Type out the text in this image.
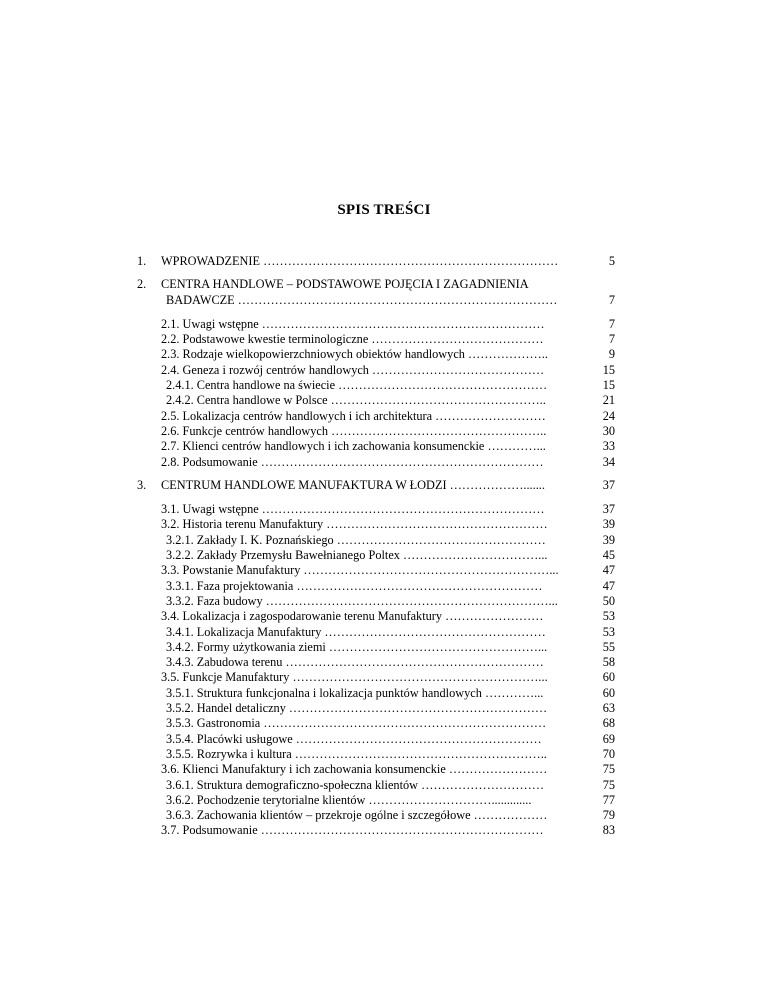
SPIS TREŚCI
1.	WPROWADZENIE ………………………………………………………………	5
2.	CENTRA HANDLOWE – PODSTAWOWE POJĘCIA I ZAGADNIENIA
BADAWCZE ……………………………………………………………………	7
2.1. Uwagi wstępne ……………………………………………………………	7
2.2. Podstawowe kwestie terminologiczne ……………………………………	7
2.3. Rodzaje wielkopowierzchniowych obiektów handlowych ………………..	9
2.4. Geneza i rozwój centrów handlowych ……………………………………	15
2.4.1. Centra handlowe na świecie ……………………………………………	15
2.4.2. Centra handlowe w Polsce ……………………………………………..	21
2.5. Lokalizacja centrów handlowych i ich architektura ………………………	24
2.6. Funkcje centrów handlowych ……………………………………………..	30
2.7. Klienci centrów handlowych i ich zachowania konsumenckie …………...	33
2.8. Podsumowanie ……………………………………………………………	34
3.	CENTRUM HANDLOWE MANUFAKTURA W ŁODZI ……………….......	37
3.1. Uwagi wstępne ……………………………………………………………	37
3.2. Historia terenu Manufaktury ………………………………………………	39
3.2.1. Zakłady I. K. Poznańskiego ……………………………………………	39
3.2.2. Zakłady Przemysłu Bawełnianego Poltex ……………………………...	45
3.3. Powstanie Manufaktury ……………………………………………………...	47
3.3.1. Faza projektowania ……………………………………………………	47
3.3.2. Faza budowy ……………………………………………………………...	50
3.4. Lokalizacja i zagospodarowanie terenu Manufaktury ……………………	53
3.4.1. Lokalizacja Manufaktury ………………………………………………	53
3.4.2. Formy użytkowania ziemi ……………………………………………...	55
3.4.3. Zabudowa terenu ………………………………………………………	58
3.5. Funkcje Manufaktury ……………………………………………………...	60
3.5.1. Struktura funkcjonalna i lokalizacja punktów handlowych …………...	60
3.5.2. Handel detaliczny ………………………………………………………	63
3.5.3. Gastronomia ……………………………………………………………	68
3.5.4. Placówki usługowe ……………………………………………………	69
3.5.5. Rozrywka i kultura ……………………………………………………..	70
3.6. Klienci Manufaktury i ich zachowania konsumenckie ……………………	75
3.6.1. Struktura demograficzno-społeczna klientów …………………………	75
3.6.2. Pochodzenie terytorialne klientów ………………………….............	77
3.6.3. Zachowania klientów – przekroje ogólne i szczegółowe ………………	79
3.7. Podsumowanie ……………………………………………………………	83
